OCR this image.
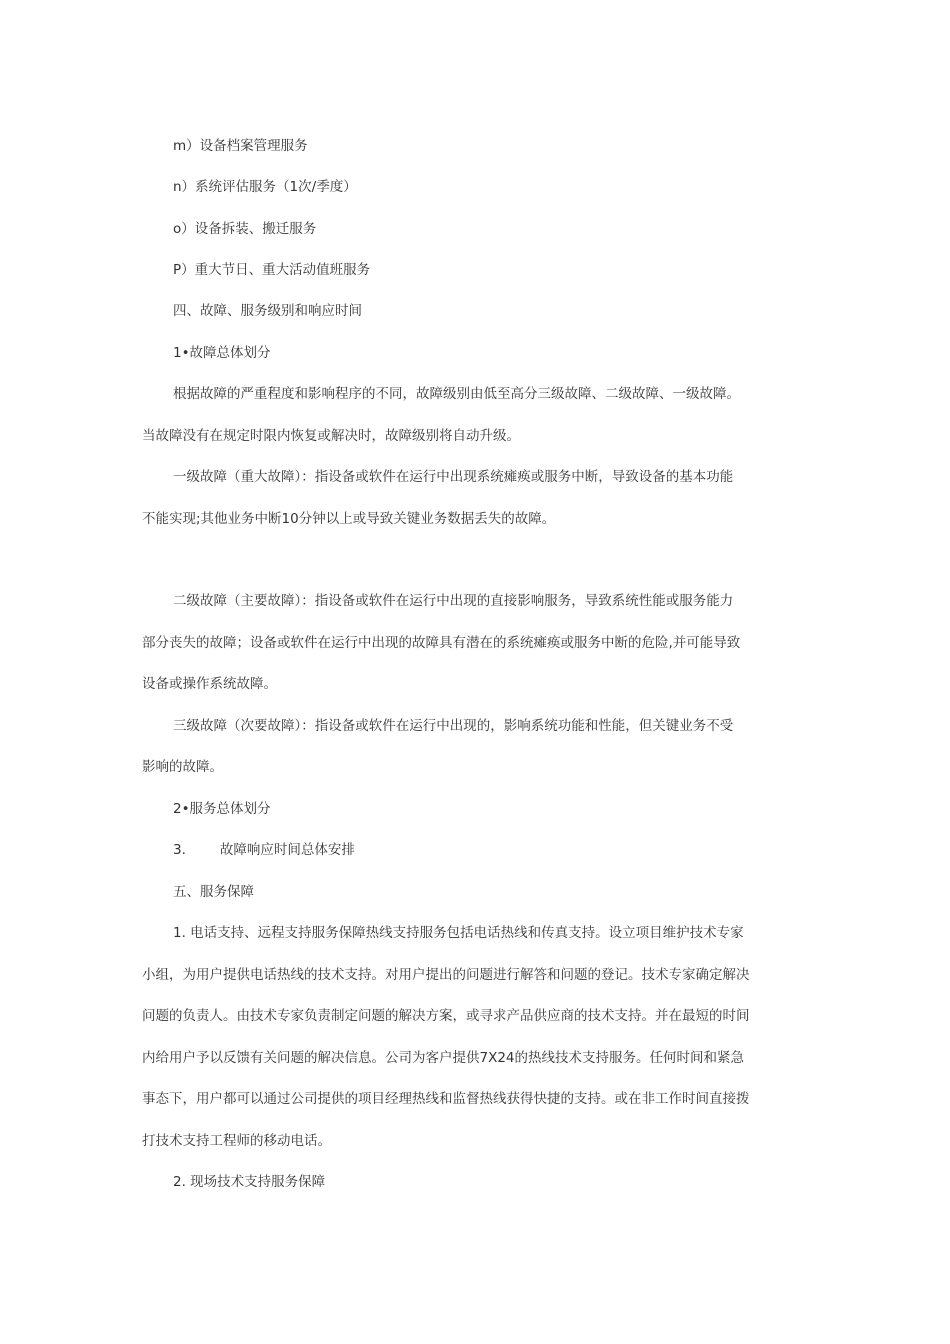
m）设备档案管理服务
n）系统评估服务（1次/季度）
o）设备拆装、搬迁服务
P）重大节日、重大活动值班服务
四、故障、服务级别和响应时间
1•故障总体划分
根据故障的严重程度和影响程序的不同，故障级别由低至高分三级故障、二级故障、一级故障。
当故障没有在规定时限内恢复或解决时，故障级别将自动升级。
一级故障（重大故障）：指设备或软件在运行中出现系统瘫痪或服务中断，导致设备的基本功能
不能实现;其他业务中断10分钟以上或导致关键业务数据丢失的故障。
二级故障（主要故障）：指设备或软件在运行中出现的直接影响服务，导致系统性能或服务能力
部分丧失的故障；设备或软件在运行中出现的故障具有潜在的系统瘫痪或服务中断的危险,并可能导致
设备或操作系统故障。
三级故障（次要故障）：指设备或软件在运行中出现的，影响系统功能和性能，但关键业务不受
影响的故障。
2•服务总体划分
3.	故障响应时间总体安排
五、服务保障
1. 电话支持、远程支持服务保障热线支持服务包括电话热线和传真支持。设立项目维护技术专家
小组，为用户提供电话热线的技术支持。对用户提出的问题进行解答和问题的登记。技术专家确定解决
问题的负责人。由技术专家负责制定问题的解决方案，或寻求产品供应商的技术支持。并在最短的时间
内给用户予以反馈有关问题的解决信息。公司为客户提供7X24的热线技术支持服务。任何时间和紧急
事态下，用户都可以通过公司提供的项目经理热线和监督热线获得快捷的支持。或在非工作时间直接拨
打技术支持工程师的移动电话。
2. 现场技术支持服务保障
